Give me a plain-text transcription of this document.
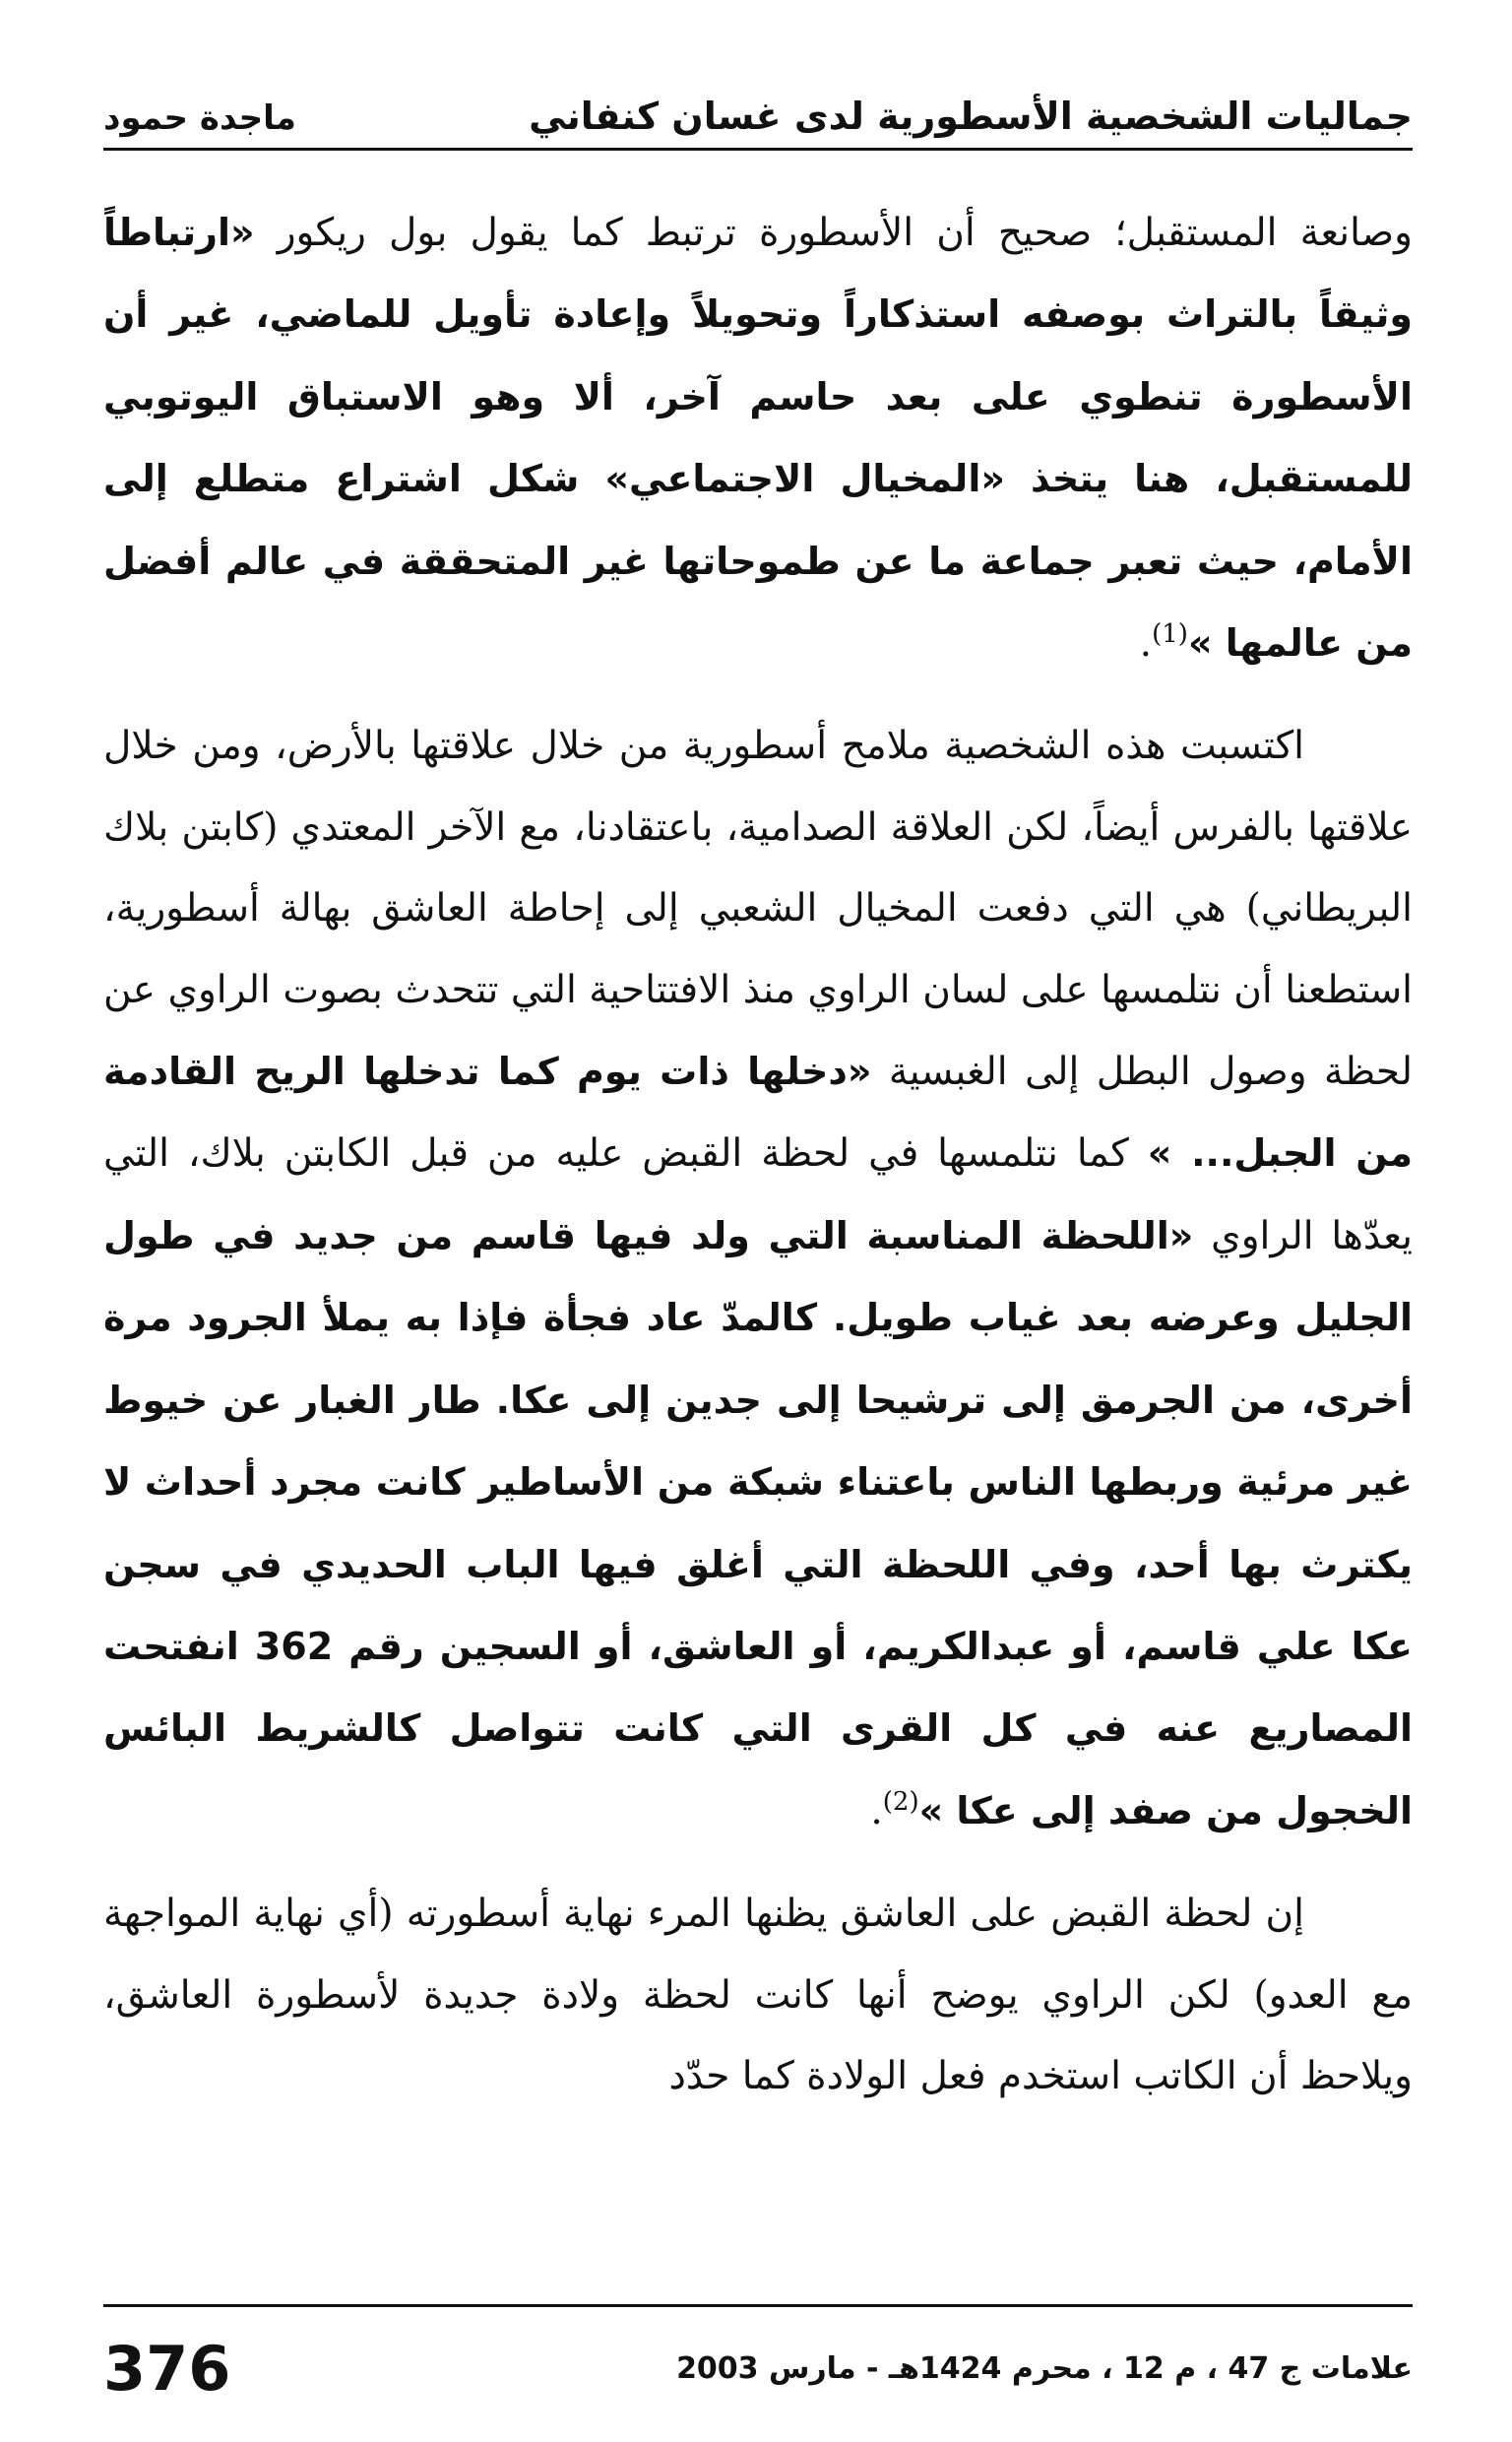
جماليات الشخصية الأسطورية لدى غسان كنفاني
ماجدة حمود

وصانعة المستقبل؛ صحيح أن الأسطورة ترتبط كما يقول بول ريكور «ارتباطاً وثيقاً بالتراث بوصفه استذكاراً وتحويلاً وإعادة تأويل للماضي، غير أن الأسطورة تنطوي على بعد حاسم آخر، ألا وهو الاستباق اليوتوبي للمستقبل، هنا يتخذ «المخيال الاجتماعي» شكل اشتراع متطلع إلى الأمام، حيث تعبر جماعة ما عن طموحاتها غير المتحققة في عالم أفضل من عالمها »$^{(1)}$.

اكتسبت هذه الشخصية ملامح أسطورية من خلال علاقتها بالأرض، ومن خلال علاقتها بالفرس أيضاً، لكن العلاقة الصدامية، باعتقادنا، مع الآخر المعتدي (كابتن بلاك البريطاني) هي التي دفعت المخيال الشعبي إلى إحاطة العاشق بهالة أسطورية، استطعنا أن نتلمسها على لسان الراوي منذ الافتتاحية التي تتحدث بصوت الراوي عن لحظة وصول البطل إلى الغبسية «دخلها ذات يوم كما تدخلها الريح القادمة من الجبل... » كما نتلمسها في لحظة القبض عليه من قبل الكابتن بلاك، التي يعدّها الراوي «اللحظة المناسبة التي ولد فيها قاسم من جديد في طول الجليل وعرضه بعد غياب طويل. كالمدّ عاد فجأة فإذا به يملأ الجرود مرة أخرى، من الجرمق إلى ترشيحا إلى جدين إلى عكا. طار الغبار عن خيوط غير مرئية وربطها الناس باعتناء شبكة من الأساطير كانت مجرد أحداث لا يكترث بها أحد، وفي اللحظة التي أغلق فيها الباب الحديدي في سجن عكا علي قاسم، أو عبدالكريم، أو العاشق، أو السجين رقم 362 انفتحت المصاريع عنه في كل القرى التي كانت تتواصل كالشريط البائس الخجول من صفد إلى عكا »$^{(2)}$.

إن لحظة القبض على العاشق يظنها المرء نهاية أسطورته (أي نهاية المواجهة مع العدو) لكن الراوي يوضح أنها كانت لحظة ولادة جديدة لأسطورة العاشق، ويلاحظ أن الكاتب استخدم فعل الولادة كما حدّد

علامات ج 47 ، م 12 ، محرم 1424هـ - مارس 2003
376
